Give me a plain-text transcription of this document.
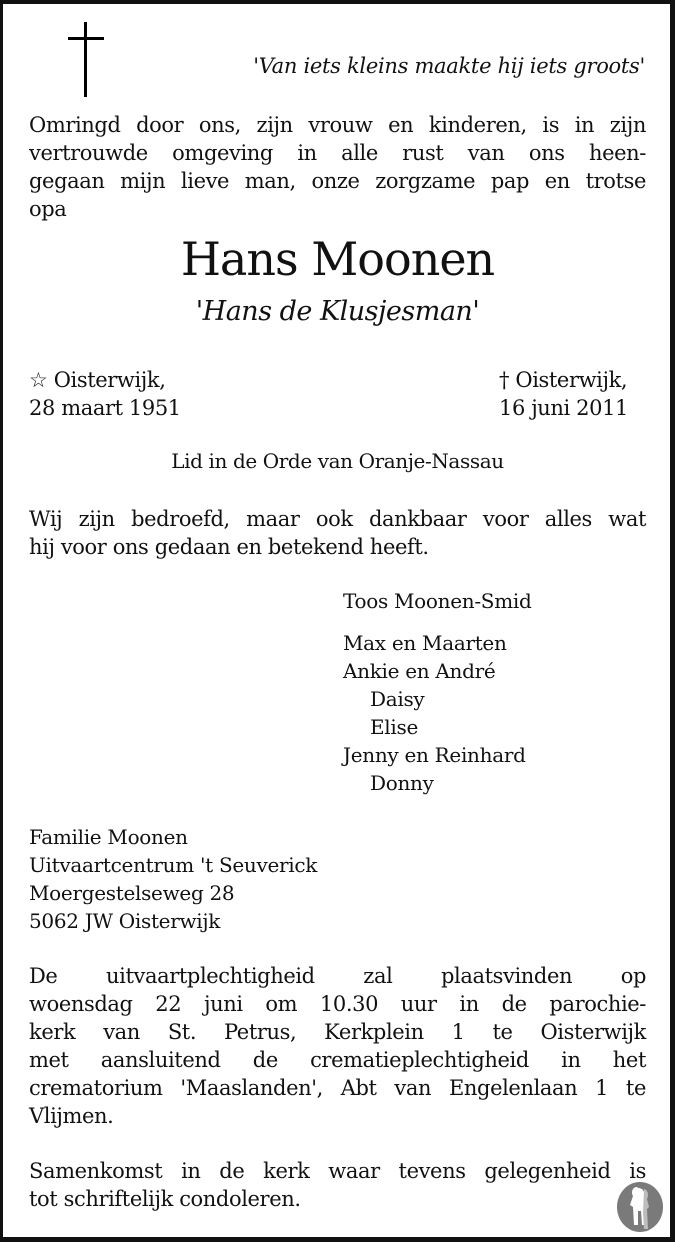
'Van iets kleins maakte hij iets groots'
Omringd door ons, zijn vrouw en kinderen, is in zijn
vertrouwde omgeving in alle rust van ons heen-
gegaan mijn lieve man, onze zorgzame pap en trotse
opa
Hans Moonen
'Hans de Klusjesman'
☆ Oisterwijk,
28 maart 1951
† Oisterwijk,
16 juni 2011
Lid in de Orde van Oranje-Nassau
Wij zijn bedroefd, maar ook dankbaar voor alles wat
hij voor ons gedaan en betekend heeft.
Toos Moonen-Smid
Max en Maarten
Ankie en André
Daisy
Elise
Jenny en Reinhard
Donny
Familie Moonen
Uitvaartcentrum 't Seuverick
Moergestelseweg 28
5062 JW Oisterwijk
De uitvaartplechtigheid zal plaatsvinden op
woensdag 22 juni om 10.30 uur in de parochie-
kerk van St. Petrus, Kerkplein 1 te Oisterwijk
met aansluitend de crematieplechtigheid in het
crematorium 'Maaslanden', Abt van Engelenlaan 1 te
Vlijmen.
Samenkomst in de kerk waar tevens gelegenheid is
tot schriftelijk condoleren.
